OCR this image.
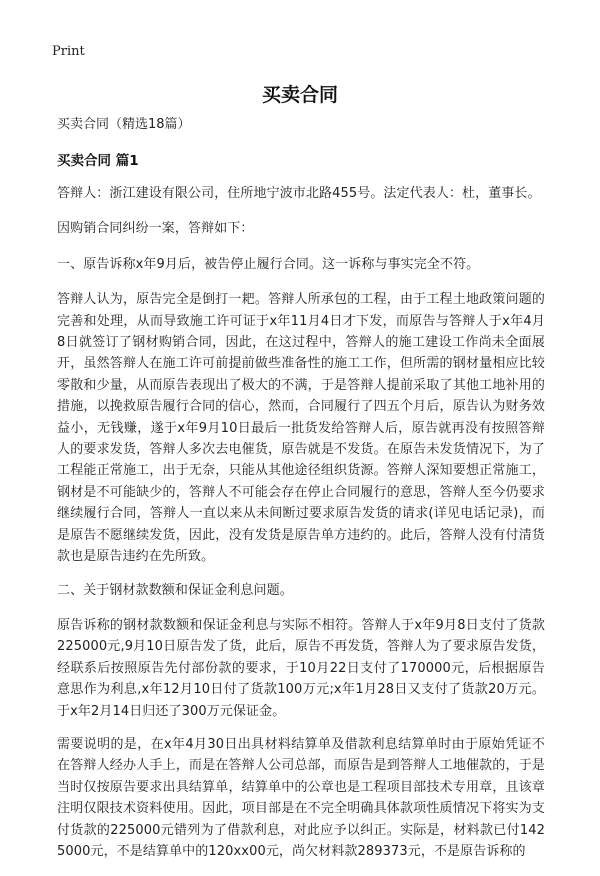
Print
买卖合同

买卖合同（精选18篇）

买卖合同 篇1

答辩人：浙江建设有限公司，住所地宁波市北路455号。法定代表人：杜，董事长。

因购销合同纠纷一案，答辩如下：

一、原告诉称x年9月后，被告停止履行合同。这一诉称与事实完全不符。

答辩人认为，原告完全是倒打一耙。答辩人所承包的工程，由于工程土地政策问题的完善和处理，从而导致施工许可证于x年11月4日才下发，而原告与答辩人于x年4月8日就签订了钢材购销合同，因此，在这过程中，答辩人的施工建设工作尚未全面展开，虽然答辩人在施工许可前提前做些准备性的施工工作，但所需的钢材量相应比较零散和少量，从而原告表现出了极大的不满，于是答辩人提前采取了其他工地补用的措施，以挽救原告履行合同的信心，然而，合同履行了四五个月后，原告认为财务效益小，无钱赚，遂于x年9月10日最后一批货发给答辩人后，原告就再没有按照答辩人的要求发货，答辩人多次去电催货，原告就是不发货。在原告未发货情况下，为了工程能正常施工，出于无奈，只能从其他途径组织货源。答辩人深知要想正常施工，钢材是不可能缺少的，答辩人不可能会存在停止合同履行的意思，答辩人至今仍要求继续履行合同，答辩人一直以来从未间断过要求原告发货的请求(详见电话记录)，而是原告不愿继续发货，因此，没有发货是原告单方违约的。此后，答辩人没有付清货款也是原告违约在先所致。

二、关于钢材款数额和保证金利息问题。

原告诉称的钢材款数额和保证金利息与实际不相符。答辩人于x年9月8日支付了货款225000元,9月10日原告发了货，此后，原告不再发货，答辩人为了要求原告发货，经联系后按照原告先付部份款的要求，于10月22日支付了170000元，后根据原告意思作为利息,x年12月10日付了货款100万元;x年1月28日又支付了货款20万元。于x年2月14日归还了300万元保证金。

需要说明的是，在x年4月30日出具材料结算单及借款利息结算单时由于原始凭证不在答辩人经办人手上，而是在答辩人公司总部，而原告是到答辩人工地催款的，于是当时仅按原告要求出具结算单，结算单中的公章也是工程项目部技术专用章，且该章注明仅限技术资料使用。因此，项目部是在不完全明确具体款项性质情况下将实为支付货款的225000元错列为了借款利息，对此应予以纠正。实际是，材料款已付1425000元，不是结算单中的120xx00元，尚欠材料款289373元，不是原告诉称的
